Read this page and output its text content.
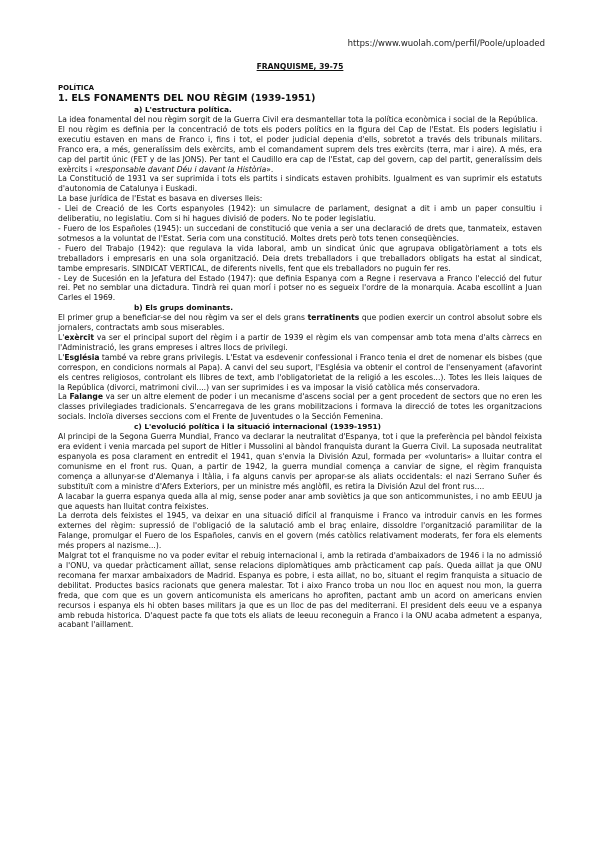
https://www.wuolah.com/perfil/Poole/uploaded
FRANQUISME, 39-75
POLÍTICA
1. ELS FONAMENTS DEL NOU RÈGIM (1939-1951)
a) L'estructura política.

La idea fonamental del nou règim sorgit de la Guerra Civil era desmantellar tota la política econòmica i social de la República.

El nou règim es definia per la concentració de tots els poders polítics en la figura del Cap de l'Estat. Els poders legislatiu i executiu estaven en mans de Franco i, fins i tot, el poder judicial depenia d'ells, sobretot a través dels tribunals militars. Franco era, a més, generalíssim dels exèrcits, amb el comandament suprem dels tres exèrcits (terra, mar i aire). A més, era cap del partit únic (FET y de las JONS). Per tant el Caudillo era cap de l'Estat, cap del govern, cap del partit, generalíssim dels exèrcits i «responsable davant Déu i davant la Història».

La Constitució de 1931 va ser suprimida i tots els partits i sindicats estaven prohibits. Igualment es van suprimir els estatuts d'autonomia de Catalunya i Euskadi.

La base jurídica de l'Estat es basava en diverses lleis:

- Llei de Creació de les Corts espanyoles (1942): un simulacre de parlament, designat a dit i amb un paper consultiu i deliberatiu, no legislatiu. Com si hi hagues divisió de poders. No te poder legislatiu.

- Fuero de los Españoles (1945): un succedani de constitució que venia a ser una declaració de drets que, tanmateix, estaven sotmesos a la voluntat de l'Estat. Seria com una constitució. Moltes drets però tots tenen conseqüències.

- Fuero del Trabajo (1942): que regulava la vida laboral, amb un sindicat únic que agrupava obligatòriament a tots els treballadors i empresaris en una sola organització. Deia drets treballadors i que treballadors obligats ha estat al sindicat, tambe empresaris. SINDICAT VERTICAL, de diferents nivells, fent que els treballadors no puguin fer res.

- Ley de Sucesión en la Jefatura del Estado (1947): que definia Espanya com a Regne i reservava a Franco l'elecció del futur rei. Pet no semblar una dictadura. Tindrà rei quan morí i potser no es segueix l'ordre de la monarquia. Acaba escollint a Juan Carles el 1969.

b) Els grups dominants.

El primer grup a beneficiar-se del nou règim va ser el dels grans terratinents que podien exercir un control absolut sobre els jornalers, contractats amb sous miserables.

L'exèrcit va ser el principal suport del règim i a partir de 1939 el règim els van compensar amb tota mena d'alts càrrecs en l'Administració, les grans empreses i altres llocs de privilegi.

L'Església també va rebre grans privilegis. L'Estat va esdevenir confessional i Franco tenia el dret de nomenar els bisbes (que correspon, en condicions normals al Papa). A canvi del seu suport, l'Església va obtenir el control de l'ensenyament (afavorint els centres religiosos, controlant els llibres de text, amb l'obligatorietat de la religió a les escoles...). Totes les lleis laiques de la República (divorci, matrimoni civil....) van ser suprimides i es va imposar la visió catòlica més conservadora.

La Falange va ser un altre element de poder i un mecanisme d'ascens social per a gent procedent de sectors que no eren les classes privilegiades tradicionals. S'encarregava de les grans mobilitzacions i formava la direcció de totes les organitzacions socials. Incloïa diverses seccions com el Frente de Juventudes o la Sección Femenina.

c) L'evolució política i la situació internacional (1939-1951)

Al principi de la Segona Guerra Mundial, Franco va declarar la neutralitat d'Espanya, tot i que la preferència pel bàndol feixista era evident i venia marcada pel suport de Hitler i Mussolini al bàndol franquista durant la Guerra Civil. La suposada neutralitat espanyola es posa clarament en entredit el 1941, quan s'envia la División Azul, formada per «voluntaris» a lluitar contra el comunisme en el front rus. Quan, a partir de 1942, la guerra mundial comença a canviar de signe, el règim franquista comença a allunyar-se d'Alemanya i Itàlia, i fa alguns canvis per apropar-se als aliats occidentals: el nazi Serrano Suñer és substituït com a ministre d'Afers Exteriors, per un ministre més anglòfil, es retira la División Azul del front rus....

A lacabar la guerra espanya queda alla al mig, sense poder anar amb soviètics ja que son anticommunistes, i no amb EEUU ja que aquests han lluitat contra feixistes.

La derrota dels feixistes el 1945, va deixar en una situació difícil al franquisme i Franco va introduir canvis en les formes externes del règim: supressió de l'obligació de la salutació amb el braç enlaire, dissoldre l'organització paramilitar de la Falange, promulgar el Fuero de los Españoles, canvis en el govern (més catòlics relativament moderats, fer fora els elements més propers al nazisme...).

Malgrat tot el franquisme no va poder evitar el rebuig internacional i, amb la retirada d'ambaixadors de 1946 i la no admissió a l'ONU, va quedar pràcticament aïllat, sense relacions diplomàtiques amb pràcticament cap país. Queda aillat ja que ONU recomana fer marxar ambaixadors de Madrid. Espanya es pobre, i esta aillat, no bo, situant el regim franquista a situacio de debilitat. Productes basics racionats que genera malestar. Tot i aixo Franco troba un nou lloc en aquest nou mon, la guerra freda, que com que es un govern anticomunista els americans ho aprofiten, pactant amb un acord on americans envien recursos i espanya els hi obten bases militars ja que es un lloc de pas del mediterrani. El president dels eeuu ve a espanya amb rebuda historica. D'aquest pacte fa que tots els aliats de leeuu reconeguin a Franco i la ONU acaba admetent a espanya, acabant l'aillament.
